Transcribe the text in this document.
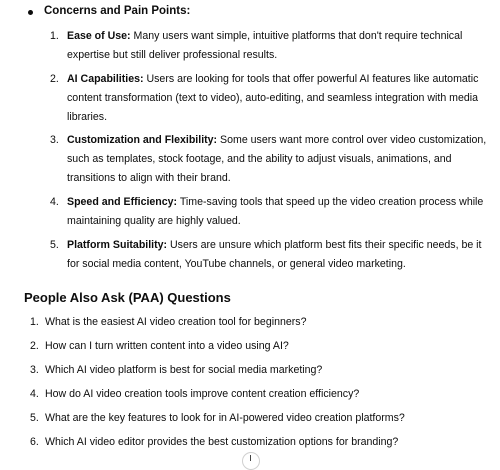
Concerns and Pain Points:
1. Ease of Use: Many users want simple, intuitive platforms that don't require technical expertise but still deliver professional results.
2. AI Capabilities: Users are looking for tools that offer powerful AI features like automatic content transformation (text to video), auto-editing, and seamless integration with media libraries.
3. Customization and Flexibility: Some users want more control over video customization, such as templates, stock footage, and the ability to adjust visuals, animations, and transitions to align with their brand.
4. Speed and Efficiency: Time-saving tools that speed up the video creation process while maintaining quality are highly valued.
5. Platform Suitability: Users are unsure which platform best fits their specific needs, be it for social media content, YouTube channels, or general video marketing.
People Also Ask (PAA) Questions
1. What is the easiest AI video creation tool for beginners?
2. How can I turn written content into a video using AI?
3. Which AI video platform is best for social media marketing?
4. How do AI video creation tools improve content creation efficiency?
5. What are the key features to look for in AI-powered video creation platforms?
6. Which AI video editor provides the best customization options for branding?
